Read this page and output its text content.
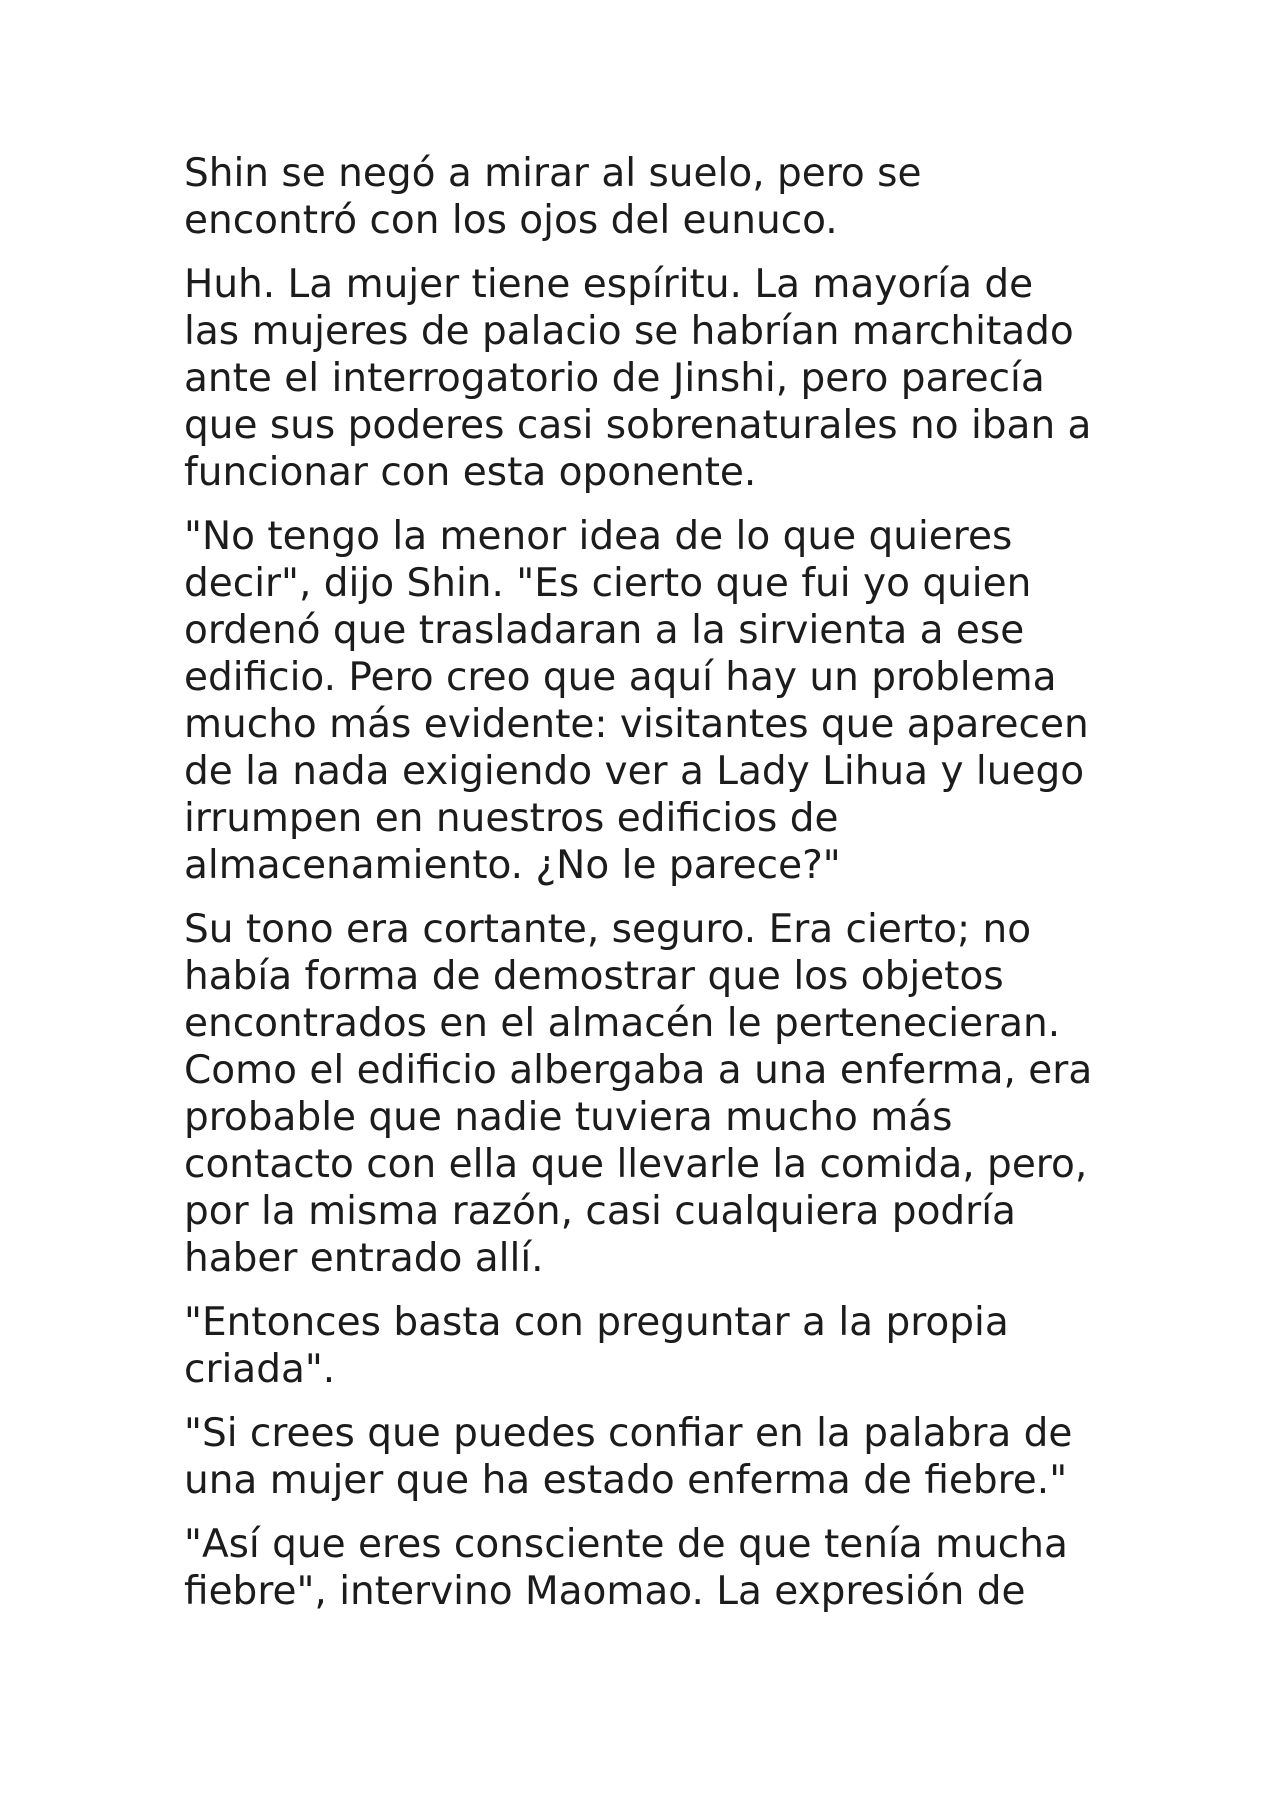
Shin se negó a mirar al suelo, pero se
encontró con los ojos del eunuco.

Huh. La mujer tiene espíritu. La mayoría de
las mujeres de palacio se habrían marchitado
ante el interrogatorio de Jinshi, pero parecía
que sus poderes casi sobrenaturales no iban a
funcionar con esta oponente.

"No tengo la menor idea de lo que quieres
decir", dijo Shin. "Es cierto que fui yo quien
ordenó que trasladaran a la sirvienta a ese
edificio. Pero creo que aquí hay un problema
mucho más evidente: visitantes que aparecen
de la nada exigiendo ver a Lady Lihua y luego
irrumpen en nuestros edificios de
almacenamiento. ¿No le parece?"

Su tono era cortante, seguro. Era cierto; no
había forma de demostrar que los objetos
encontrados en el almacén le pertenecieran.
Como el edificio albergaba a una enferma, era
probable que nadie tuviera mucho más
contacto con ella que llevarle la comida, pero,
por la misma razón, casi cualquiera podría
haber entrado allí.

"Entonces basta con preguntar a la propia
criada".

"Si crees que puedes confiar en la palabra de
una mujer que ha estado enferma de fiebre."

"Así que eres consciente de que tenía mucha
fiebre", intervino Maomao. La expresión de
